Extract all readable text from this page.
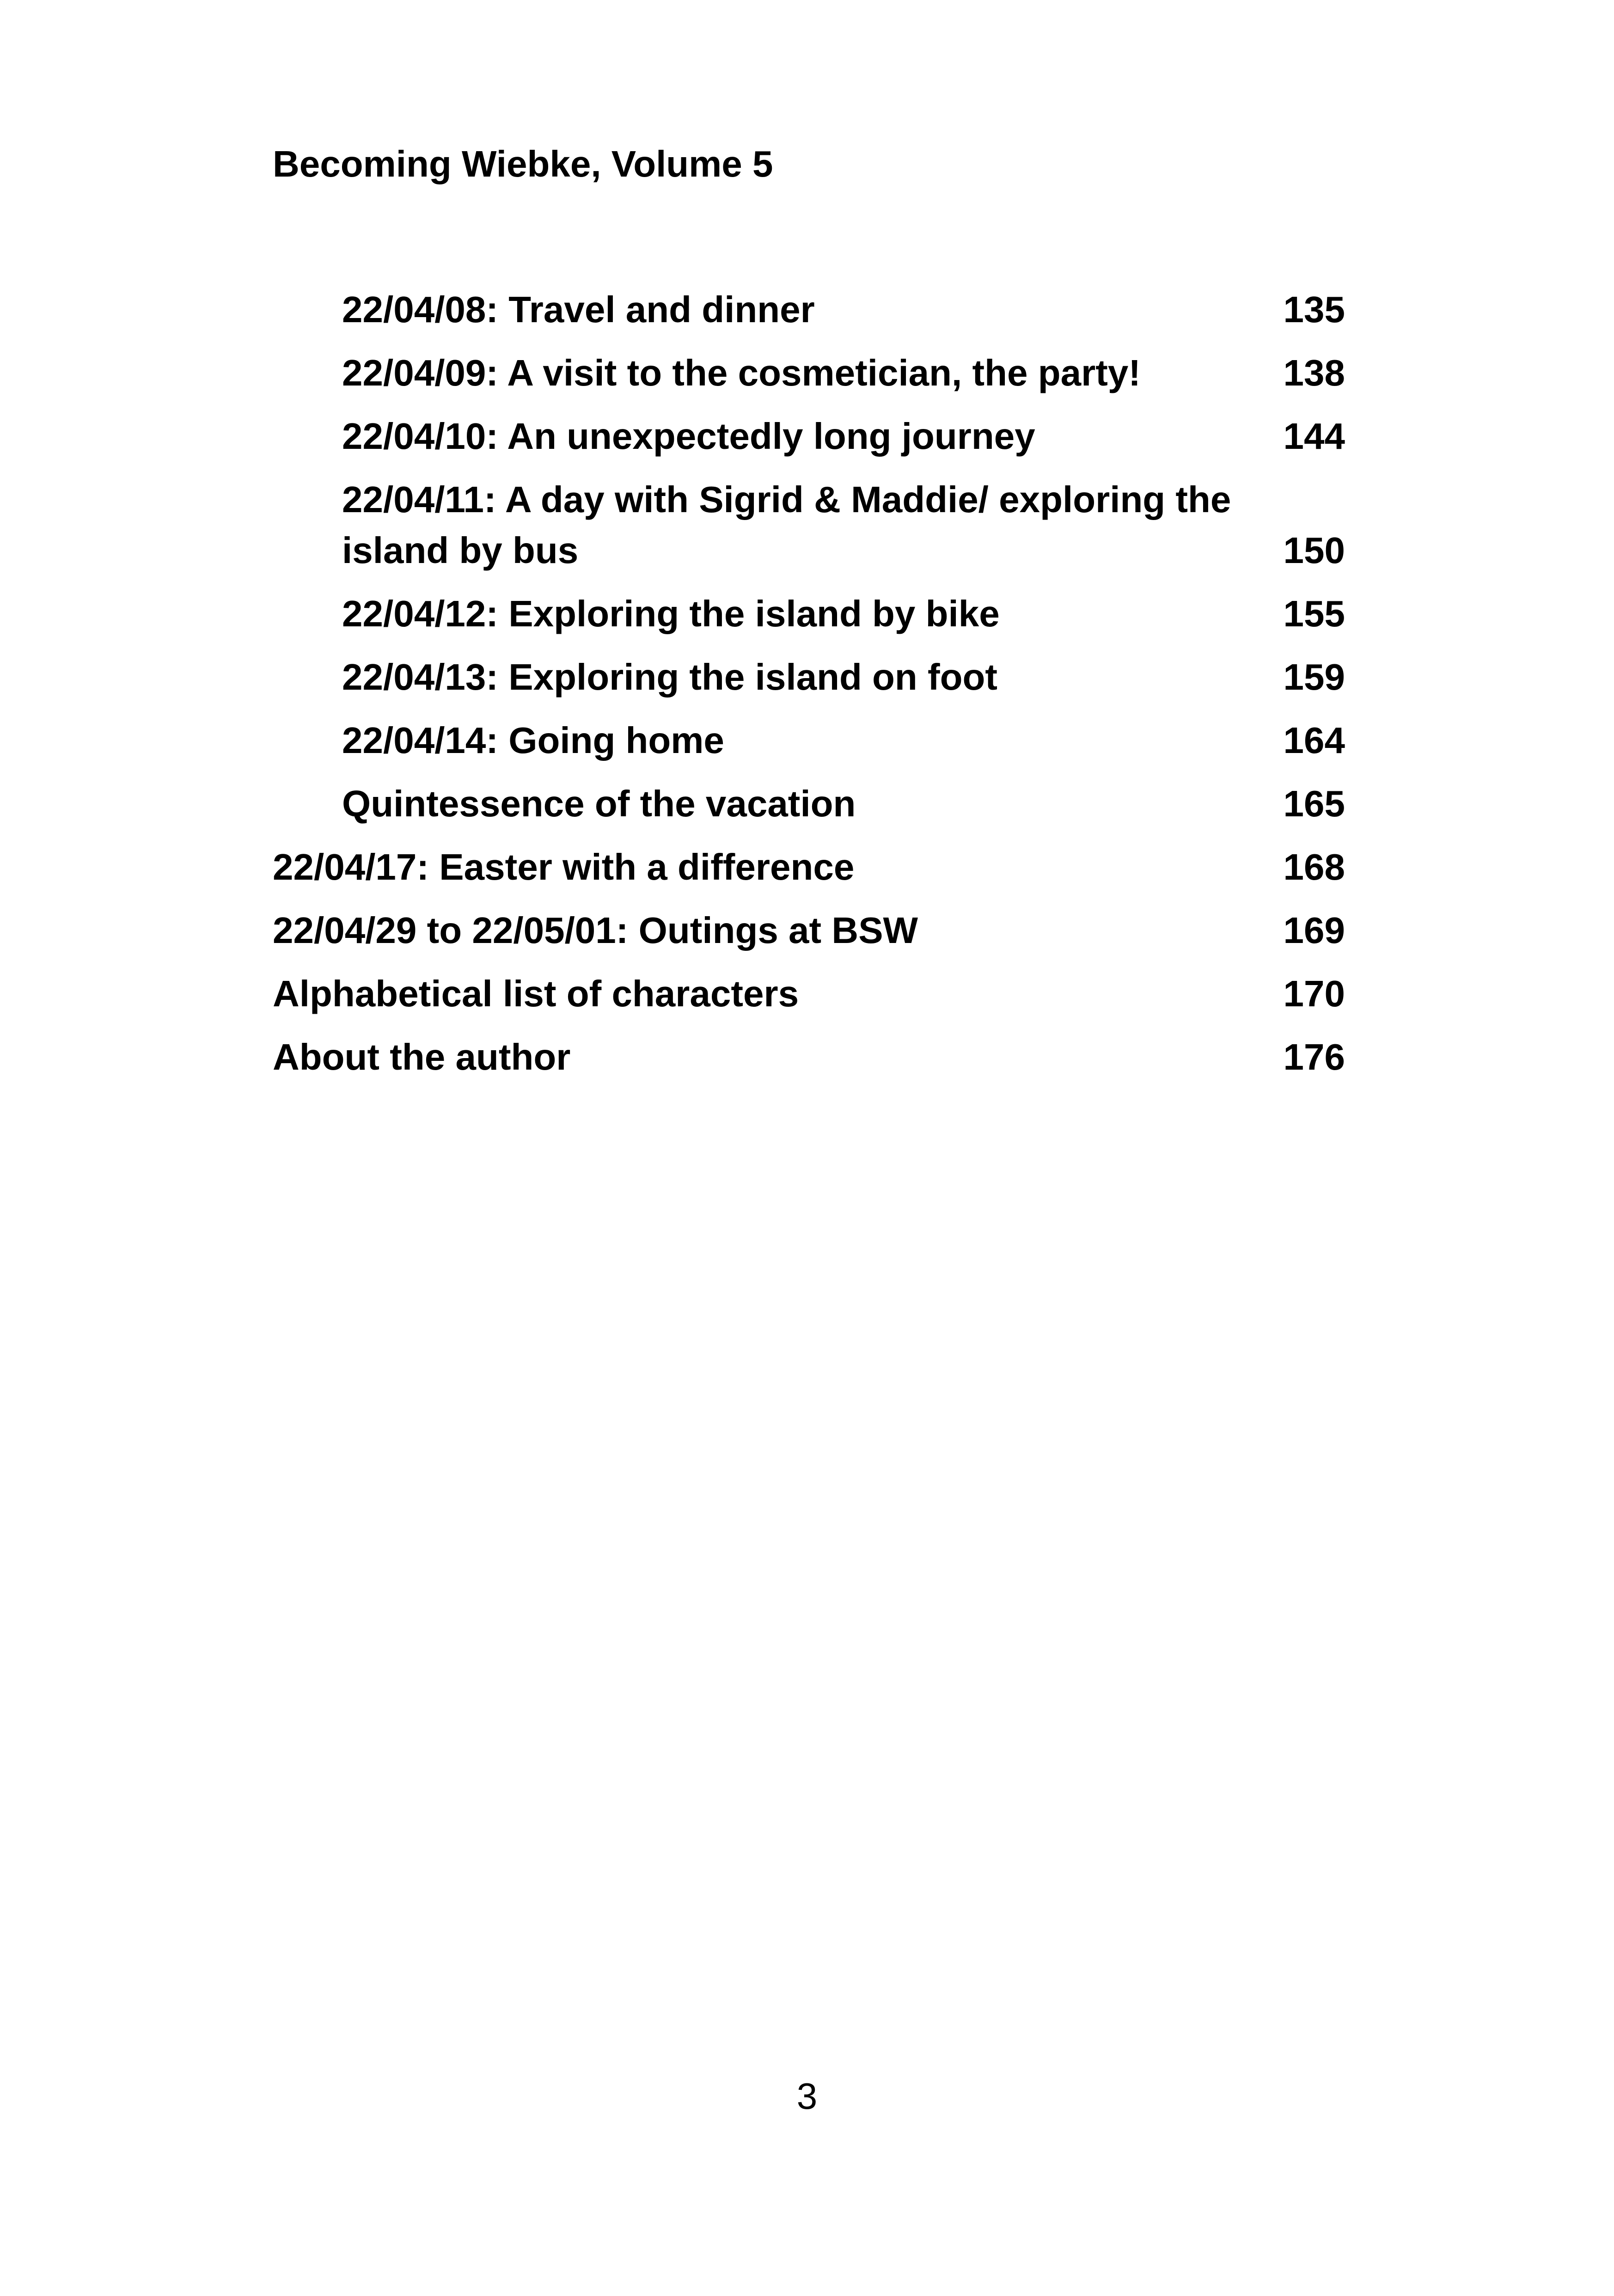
Becoming Wiebke, Volume 5
22/04/08: Travel and dinner	135
22/04/09: A visit to the cosmetician, the party!	138
22/04/10: An unexpectedly long journey	144
22/04/11: A day with Sigrid & Maddie/ exploring the island by bus	150
22/04/12: Exploring the island by bike	155
22/04/13: Exploring the island on foot	159
22/04/14: Going home	164
Quintessence of the vacation	165
22/04/17: Easter with a difference	168
22/04/29 to 22/05/01: Outings at BSW	169
Alphabetical list of characters	170
About the author	176
3
